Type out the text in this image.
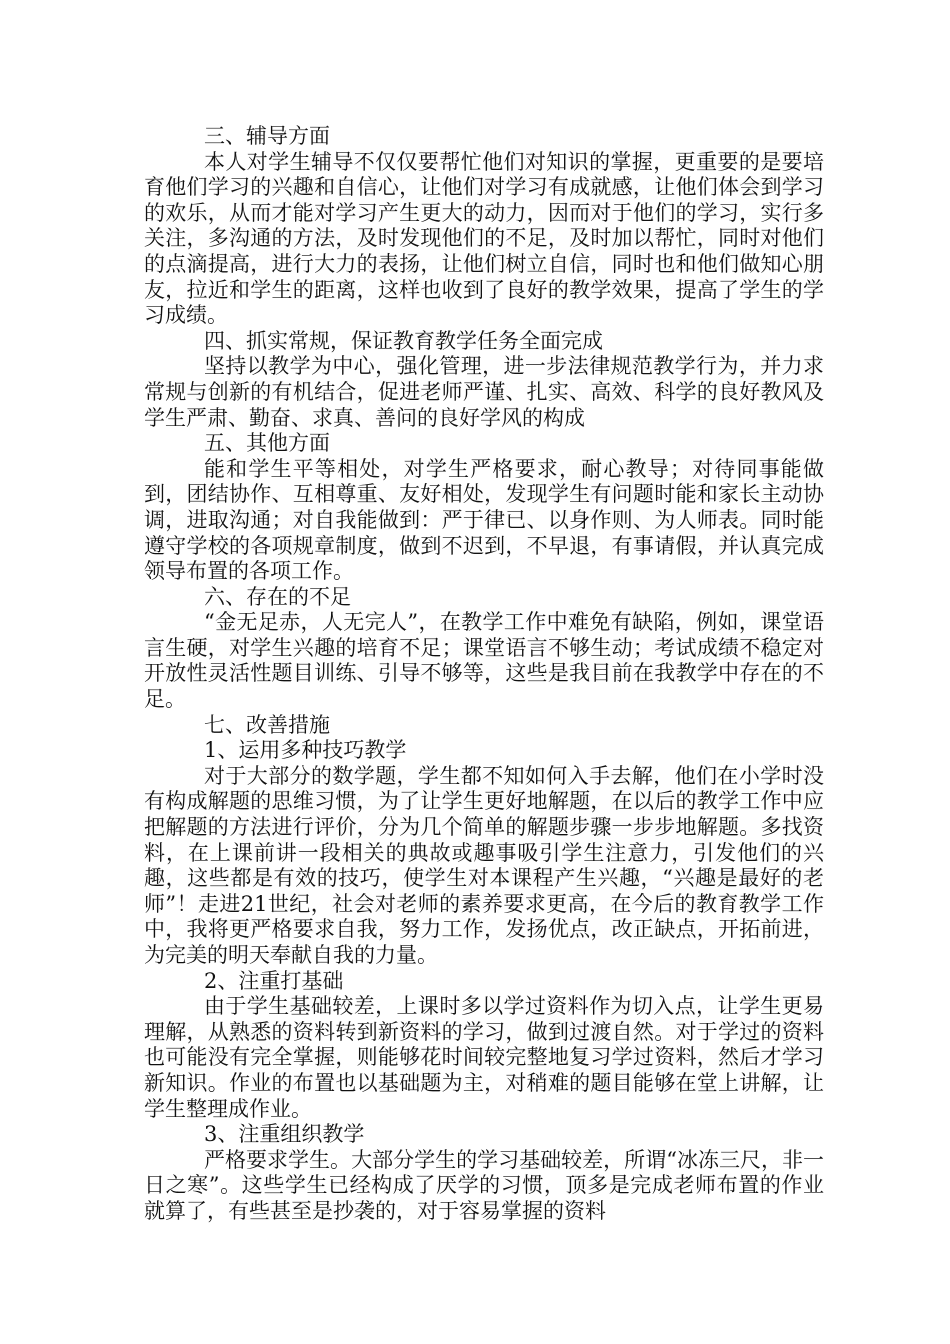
三、辅导方面

本人对学生辅导不仅仅要帮忙他们对知识的掌握，更重要的是要培育他们学习的兴趣和自信心，让他们对学习有成就感，让他们体会到学习的欢乐，从而才能对学习产生更大的动力，因而对于他们的学习，实行多关注，多沟通的方法，及时发现他们的不足，及时加以帮忙，同时对他们的点滴提高，进行大力的表扬，让他们树立自信，同时也和他们做知心朋友，拉近和学生的距离，这样也收到了良好的教学效果，提高了学生的学习成绩。

四、抓实常规，保证教育教学任务全面完成

坚持以教学为中心，强化管理，进一步法律规范教学行为，并力求常规与创新的有机结合，促进老师严谨、扎实、高效、科学的良好教风及学生严肃、勤奋、求真、善问的良好学风的构成

五、其他方面

能和学生平等相处，对学生严格要求，耐心教导；对待同事能做到，团结协作、互相尊重、友好相处，发现学生有问题时能和家长主动协调，进取沟通；对自我能做到：严于律已、以身作则、为人师表。同时能遵守学校的各项规章制度，做到不迟到，不早退，有事请假，并认真完成领导布置的各项工作。

六、存在的不足

“金无足赤，人无完人”，在教学工作中难免有缺陷，例如，课堂语言生硬，对学生兴趣的培育不足；课堂语言不够生动；考试成绩不稳定对开放性灵活性题目训练、引导不够等，这些是我目前在我教学中存在的不足。

七、改善措施

1、运用多种技巧教学

对于大部分的数学题，学生都不知如何入手去解，他们在小学时没有构成解题的思维习惯，为了让学生更好地解题，在以后的教学工作中应把解题的方法进行评价，分为几个简单的解题步骤一步步地解题。多找资料，在上课前讲一段相关的典故或趣事吸引学生注意力，引发他们的兴趣，这些都是有效的技巧，使学生对本课程产生兴趣，“兴趣是最好的老师”！走进21世纪，社会对老师的素养要求更高，在今后的教育教学工作中，我将更严格要求自我，努力工作，发扬优点，改正缺点，开拓前进，为完美的明天奉献自我的力量。

2、注重打基础

由于学生基础较差，上课时多以学过资料作为切入点，让学生更易理解，从熟悉的资料转到新资料的学习，做到过渡自然。对于学过的资料也可能没有完全掌握，则能够花时间较完整地复习学过资料，然后才学习新知识。作业的布置也以基础题为主，对稍难的题目能够在堂上讲解，让学生整理成作业。

3、注重组织教学

严格要求学生。大部分学生的学习基础较差，所谓“冰冻三尺，非一日之寒”。这些学生已经构成了厌学的习惯，顶多是完成老师布置的作业就算了，有些甚至是抄袭的，对于容易掌握的资料
